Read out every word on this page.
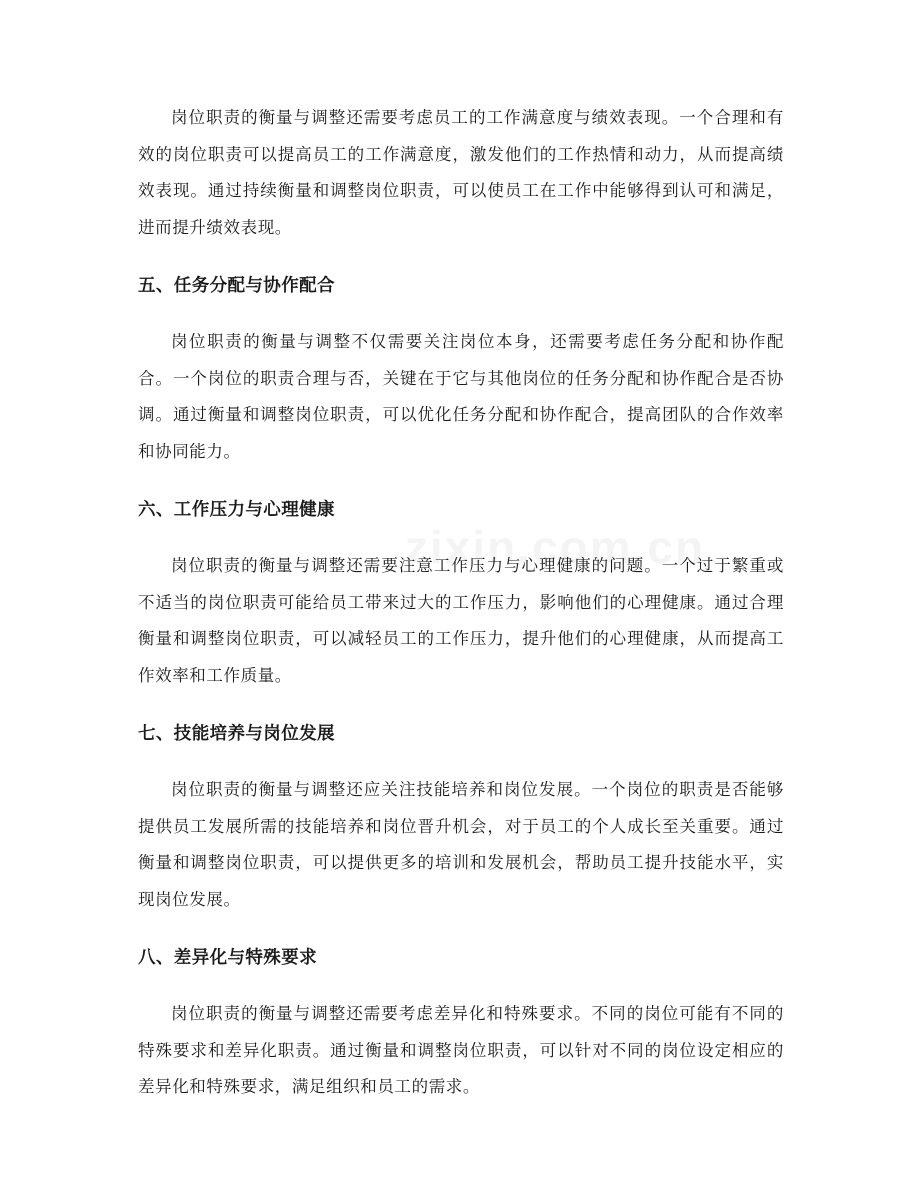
岗位职责的衡量与调整还需要考虑员工的工作满意度与绩效表现。一个合理和有效的岗位职责可以提高员工的工作满意度，激发他们的工作热情和动力，从而提高绩效表现。通过持续衡量和调整岗位职责，可以使员工在工作中能够得到认可和满足，进而提升绩效表现。

五、任务分配与协作配合

岗位职责的衡量与调整不仅需要关注岗位本身，还需要考虑任务分配和协作配合。一个岗位的职责合理与否，关键在于它与其他岗位的任务分配和协作配合是否协调。通过衡量和调整岗位职责，可以优化任务分配和协作配合，提高团队的合作效率和协同能力。

六、工作压力与心理健康

岗位职责的衡量与调整还需要注意工作压力与心理健康的问题。一个过于繁重或不适当的岗位职责可能给员工带来过大的工作压力，影响他们的心理健康。通过合理衡量和调整岗位职责，可以减轻员工的工作压力，提升他们的心理健康，从而提高工作效率和工作质量。

七、技能培养与岗位发展

岗位职责的衡量与调整还应关注技能培养和岗位发展。一个岗位的职责是否能够提供员工发展所需的技能培养和岗位晋升机会，对于员工的个人成长至关重要。通过衡量和调整岗位职责，可以提供更多的培训和发展机会，帮助员工提升技能水平，实现岗位发展。

八、差异化与特殊要求

岗位职责的衡量与调整还需要考虑差异化和特殊要求。不同的岗位可能有不同的特殊要求和差异化职责。通过衡量和调整岗位职责，可以针对不同的岗位设定相应的差异化和特殊要求，满足组织和员工的需求。
